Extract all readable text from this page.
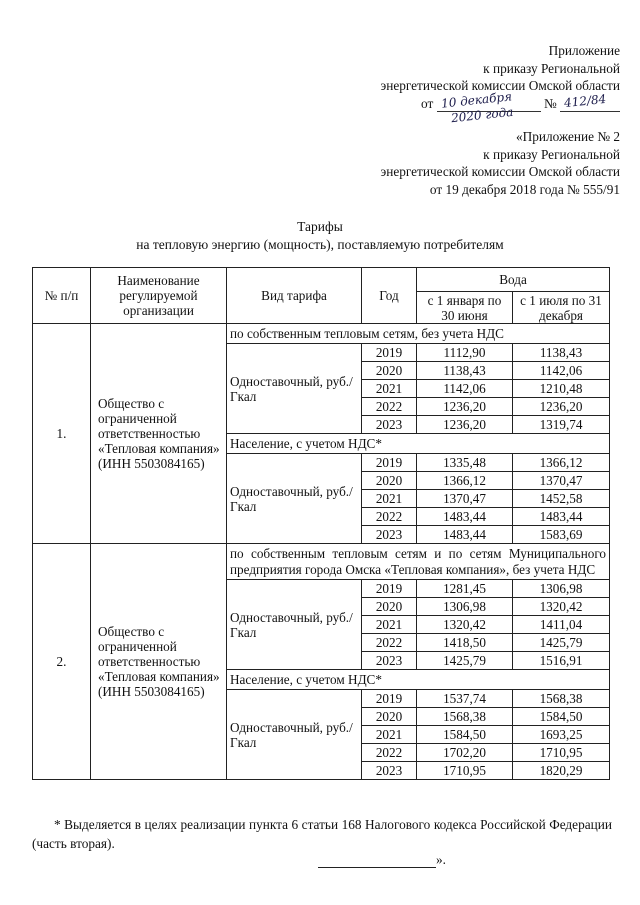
Приложение
к приказу Региональной
энергетической комиссии Омской области
от 10 декабря
2020 года
№ 412/84
«Приложение № 2
к приказу Региональной
энергетической комиссии Омской области
от 19 декабря 2018 года № 555/91
Тарифы
на тепловую энергию (мощность), поставляемую потребителям
№ п/п	Наименование регулируемой организации	Вид тарифа	Год	Вода	
				с 1 января по 30 июня	с 1 июля по 31 декабря
1.	Общество с ограниченной ответственностью «Тепловая компания» (ИНН 5503084165)	по собственным тепловым сетям, без учета НДС			
		Одноставочный, руб./Гкал	2019	1112,90	1138,43
			2020	1138,43	1142,06
			2021	1142,06	1210,48
			2022	1236,20	1236,20
			2023	1236,20	1319,74
		Население, с учетом НДС*			
		Одноставочный, руб./Гкал	2019	1335,48	1366,12
			2020	1366,12	1370,47
			2021	1370,47	1452,58
			2022	1483,44	1483,44
			2023	1483,44	1583,69
2.	Общество с ограниченной ответственностью «Тепловая компания» (ИНН 5503084165)	по собственным тепловым сетям и по сетям Муниципального предприятия города Омска «Тепловая компания», без учета НДС			
		Одноставочный, руб./Гкал	2019	1281,45	1306,98
			2020	1306,98	1320,42
			2021	1320,42	1411,04
			2022	1418,50	1425,79
			2023	1425,79	1516,91
		Население, с учетом НДС*			
		Одноставочный, руб./Гкал	2019	1537,74	1568,38
			2020	1568,38	1584,50
			2021	1584,50	1693,25
			2022	1702,20	1710,95
			2023	1710,95	1820,29
* Выделяется в целях реализации пункта 6 статьи 168 Налогового кодекса Российской Федерации (часть вторая).
».
